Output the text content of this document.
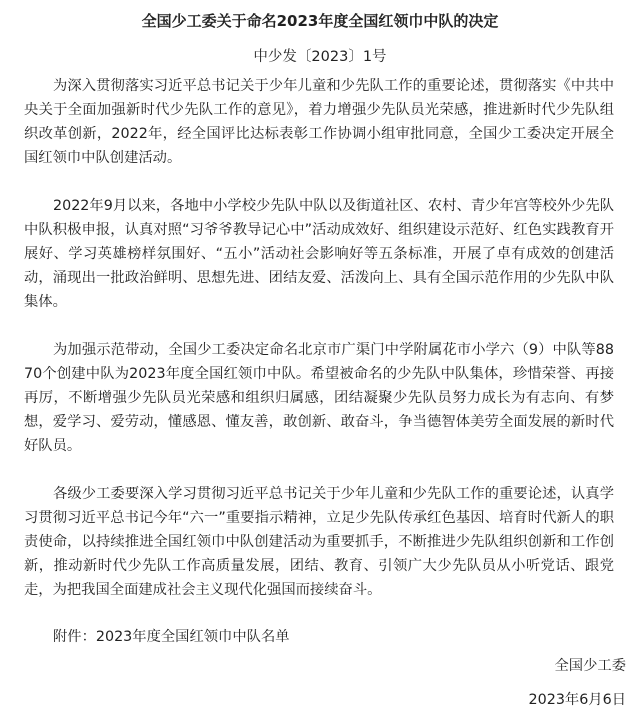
全国少工委关于命名2023年度全国红领巾中队的决定

中少发〔2023〕1号

为深入贯彻落实习近平总书记关于少年儿童和少先队工作的重要论述，贯彻落实《中共中央关于全面加强新时代少先队工作的意见》，着力增强少先队员光荣感，推进新时代少先队组织改革创新，2022年，经全国评比达标表彰工作协调小组审批同意，全国少工委决定开展全国红领巾中队创建活动。

2022年9月以来，各地中小学校少先队中队以及街道社区、农村、青少年宫等校外少先队中队积极申报，认真对照“习爷爷教导记心中”活动成效好、组织建设示范好、红色实践教育开展好、学习英雄榜样氛围好、“五小”活动社会影响好等五条标准，开展了卓有成效的创建活动，涌现出一批政治鲜明、思想先进、团结友爱、活泼向上、具有全国示范作用的少先队中队集体。

为加强示范带动，全国少工委决定命名北京市广渠门中学附属花市小学六（9）中队等8870个创建中队为2023年度全国红领巾中队。希望被命名的少先队中队集体，珍惜荣誉、再接再厉，不断增强少先队员光荣感和组织归属感，团结凝聚少先队员努力成长为有志向、有梦想，爱学习、爱劳动，懂感恩、懂友善，敢创新、敢奋斗，争当德智体美劳全面发展的新时代好队员。

各级少工委要深入学习贯彻习近平总书记关于少年儿童和少先队工作的重要论述，认真学习贯彻习近平总书记今年“六一”重要指示精神，立足少先队传承红色基因、培育时代新人的职责使命，以持续推进全国红领巾中队创建活动为重要抓手，不断推进少先队组织创新和工作创新，推动新时代少先队工作高质量发展，团结、教育、引领广大少先队员从小听党话、跟党走，为把我国全面建成社会主义现代化强国而接续奋斗。

附件：2023年度全国红领巾中队名单

全国少工委

2023年6月6日
